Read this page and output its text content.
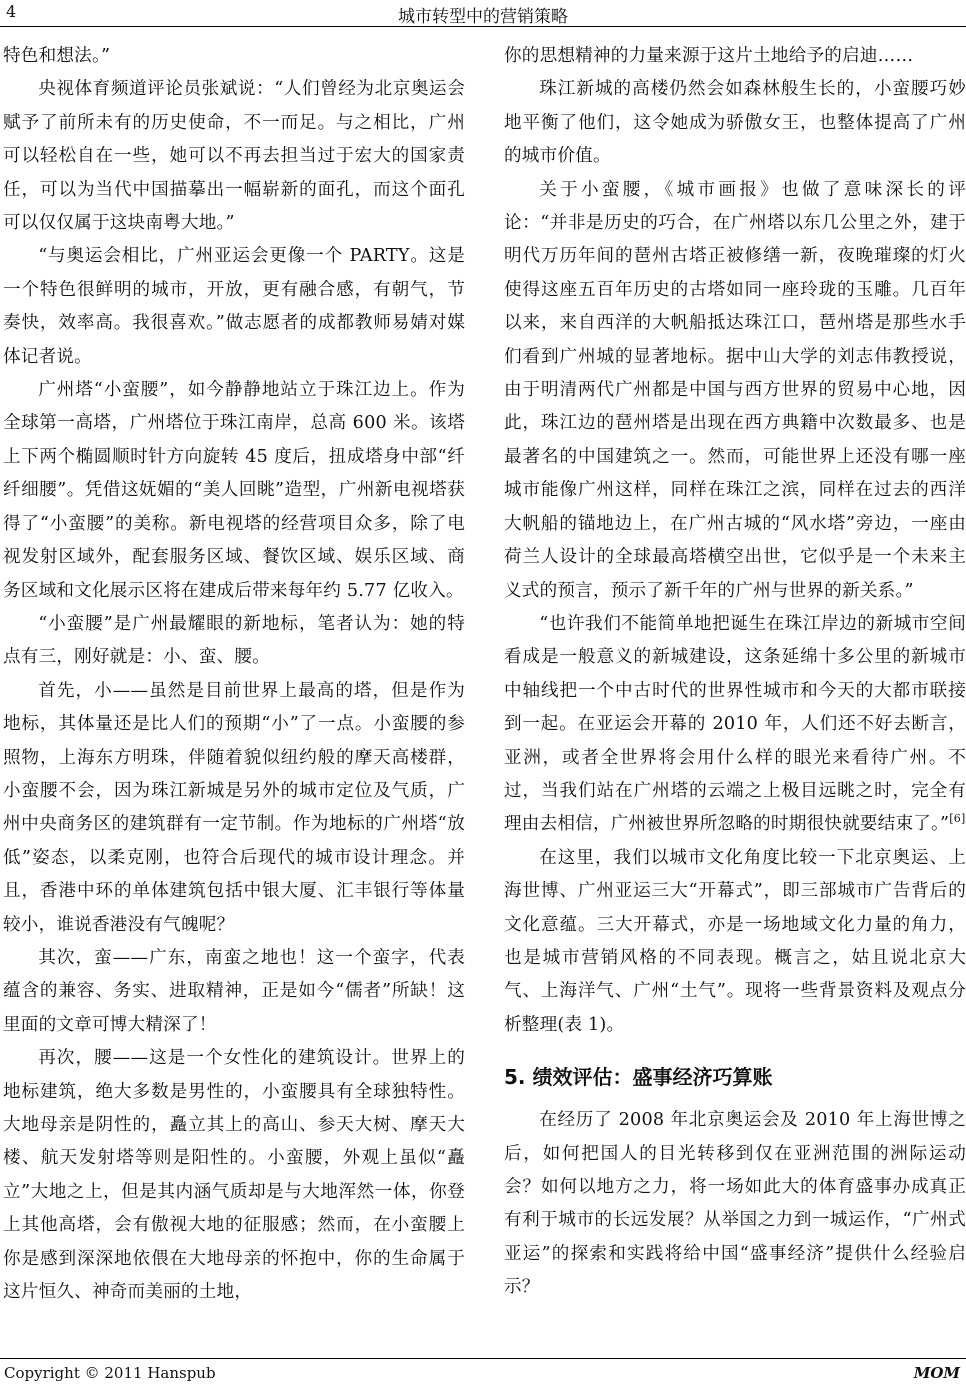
4	城市转型中的营销策略

特色和想法。”

央视体育频道评论员张斌说：“人们曾经为北京奥运会赋予了前所未有的历史使命，不一而足。与之相比，广州可以轻松自在一些，她可以不再去担当过于宏大的国家责任，可以为当代中国描摹出一幅崭新的面孔，而这个面孔可以仅仅属于这块南粤大地。”

“与奥运会相比，广州亚运会更像一个 PARTY。这是一个特色很鲜明的城市，开放，更有融合感，有朝气，节奏快，效率高。我很喜欢。”做志愿者的成都教师易婧对媒体记者说。

广州塔“小蛮腰”，如今静静地站立于珠江边上。作为全球第一高塔，广州塔位于珠江南岸，总高 600 米。该塔上下两个椭圆顺时针方向旋转 45 度后，扭成塔身中部“纤纤细腰”。凭借这妩媚的“美人回眺”造型，广州新电视塔获得了“小蛮腰”的美称。新电视塔的经营项目众多，除了电视发射区域外，配套服务区域、餐饮区域、娱乐区域、商务区域和文化展示区将在建成后带来每年约 5.77 亿收入。

“小蛮腰”是广州最耀眼的新地标，笔者认为：她的特点有三，刚好就是：小、蛮、腰。

首先，小——虽然是目前世界上最高的塔，但是作为地标，其体量还是比人们的预期“小”了一点。小蛮腰的参照物，上海东方明珠，伴随着貌似纽约般的摩天高楼群，小蛮腰不会，因为珠江新城是另外的城市定位及气质，广州中央商务区的建筑群有一定节制。作为地标的广州塔“放低”姿态，以柔克刚，也符合后现代的城市设计理念。并且，香港中环的单体建筑包括中银大厦、汇丰银行等体量较小，谁说香港没有气魄呢？

其次，蛮——广东，南蛮之地也！这一个蛮字，代表蕴含的兼容、务实、进取精神，正是如今“儒者”所缺！这里面的文章可博大精深了！

再次，腰——这是一个女性化的建筑设计。世界上的地标建筑，绝大多数是男性的，小蛮腰具有全球独特性。大地母亲是阴性的，矗立其上的高山、参天大树、摩天大楼、航天发射塔等则是阳性的。小蛮腰，外观上虽似“矗立”大地之上，但是其内涵气质却是与大地浑然一体，你登上其他高塔，会有傲视大地的征服感；然而，在小蛮腰上你是感到深深地依偎在大地母亲的怀抱中，你的生命属于这片恒久、神奇而美丽的土地，

你的思想精神的力量来源于这片土地给予的启迪……

珠江新城的高楼仍然会如森林般生长的，小蛮腰巧妙地平衡了他们，这令她成为骄傲女王，也整体提高了广州的城市价值。

关于小蛮腰，《城市画报》也做了意味深长的评论：“并非是历史的巧合，在广州塔以东几公里之外，建于明代万历年间的琶州古塔正被修缮一新，夜晚璀璨的灯火使得这座五百年历史的古塔如同一座玲珑的玉雕。几百年以来，来自西洋的大帆船抵达珠江口，琶州塔是那些水手们看到广州城的显著地标。据中山大学的刘志伟教授说，由于明清两代广州都是中国与西方世界的贸易中心地，因此，珠江边的琶州塔是出现在西方典籍中次数最多、也是最著名的中国建筑之一。然而，可能世界上还没有哪一座城市能像广州这样，同样在珠江之滨，同样在过去的西洋大帆船的锚地边上，在广州古城的“风水塔”旁边，一座由荷兰人设计的全球最高塔横空出世，它似乎是一个未来主义式的预言，预示了新千年的广州与世界的新关系。”

“也许我们不能简单地把诞生在珠江岸边的新城市空间看成是一般意义的新城建设，这条延绵十多公里的新城市中轴线把一个中古时代的世界性城市和今天的大都市联接到一起。在亚运会开幕的 2010 年，人们还不好去断言，亚洲，或者全世界将会用什么样的眼光来看待广州。不过，当我们站在广州塔的云端之上极目远眺之时，完全有理由去相信，广州被世界所忽略的时期很快就要结束了。”[6]

在这里，我们以城市文化角度比较一下北京奥运、上海世博、广州亚运三大“开幕式”，即三部城市广告背后的文化意蕴。三大开幕式，亦是一场地域文化力量的角力，也是城市营销风格的不同表现。概言之，姑且说北京大气、上海洋气、广州“土气”。现将一些背景资料及观点分析整理(表 1)。

5. 绩效评估：盛事经济巧算账

在经历了 2008 年北京奥运会及 2010 年上海世博之后，如何把国人的目光转移到仅在亚洲范围的洲际运动会？如何以地方之力，将一场如此大的体育盛事办成真正有利于城市的长远发展？从举国之力到一城运作，“广州式亚运”的探索和实践将给中国“盛事经济”提供什么经验启示？

Copyright © 2011 Hanspub	MOM
